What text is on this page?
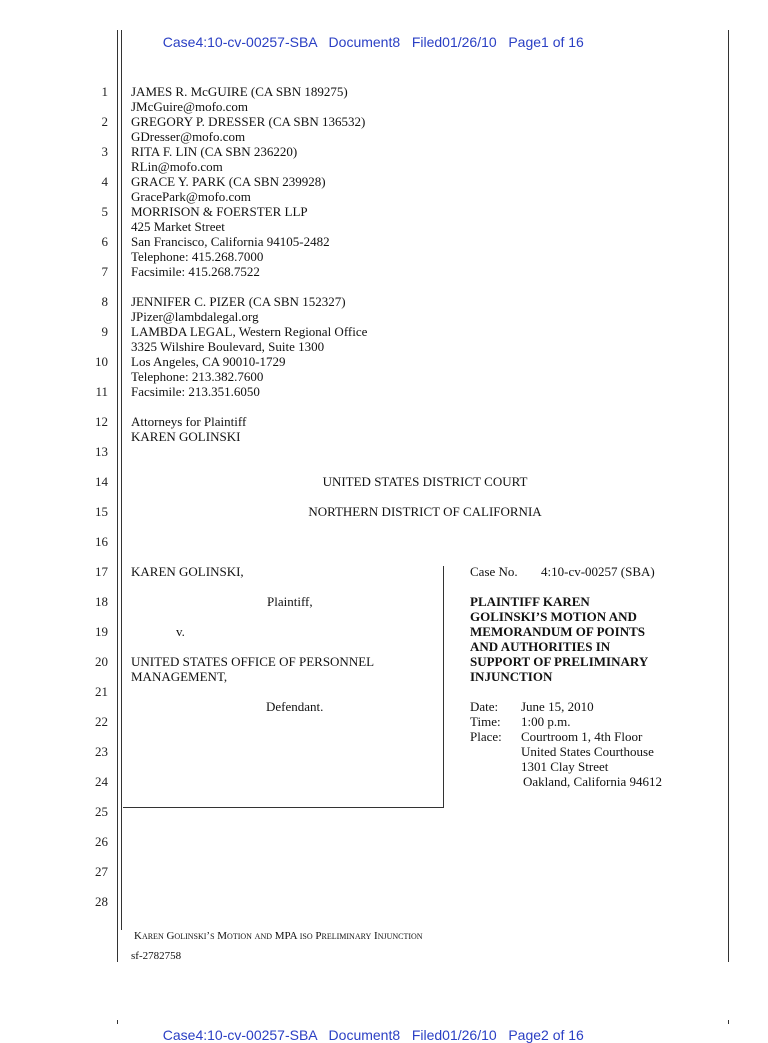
Case4:10-cv-00257-SBA Document8 Filed01/26/10 Page1 of 16

1
2
3
4
5
6
7
8
9
10
11
12
13
14
15
16
17
18
19
20
21
22
23
24
25
26
27
28
JAMES R. McGUIRE (CA SBN 189275)
JMcGuire@mofo.com
GREGORY P. DRESSER (CA SBN 136532)
GDresser@mofo.com
RITA F. LIN (CA SBN 236220)
RLin@mofo.com
GRACE Y. PARK (CA SBN 239928)
GracePark@mofo.com
MORRISON & FOERSTER LLP
425 Market Street
San Francisco, California 94105-2482
Telephone: 415.268.7000
Facsimile: 415.268.7522
JENNIFER C. PIZER (CA SBN 152327)
JPizer@lambdalegal.org
LAMBDA LEGAL, Western Regional Office
3325 Wilshire Boulevard, Suite 1300
Los Angeles, CA 90010-1729
Telephone: 213.382.7600
Facsimile: 213.351.6050
Attorneys for Plaintiff
KAREN GOLINSKI
UNITED STATES DISTRICT COURT
NORTHERN DISTRICT OF CALIFORNIA
KAREN GOLINSKI,
Plaintiff,
v.
UNITED STATES OFFICE OF PERSONNEL
MANAGEMENT,
Defendant.
Case No. 4:10-cv-00257 (SBA)
PLAINTIFF KAREN
GOLINSKI’S MOTION AND
MEMORANDUM OF POINTS
AND AUTHORITIES IN
SUPPORT OF PRELIMINARY
INJUNCTION
Date: June 15, 2010
Time: 1:00 p.m.
Place: Courtroom 1, 4th Floor
United States Courthouse
1301 Clay Street
Oakland, California 94612
Karen Golinski’s Motion and MPA iso Preliminary Injunction
sf-2782758

Case4:10-cv-00257-SBA Document8 Filed01/26/10 Page2 of 16
